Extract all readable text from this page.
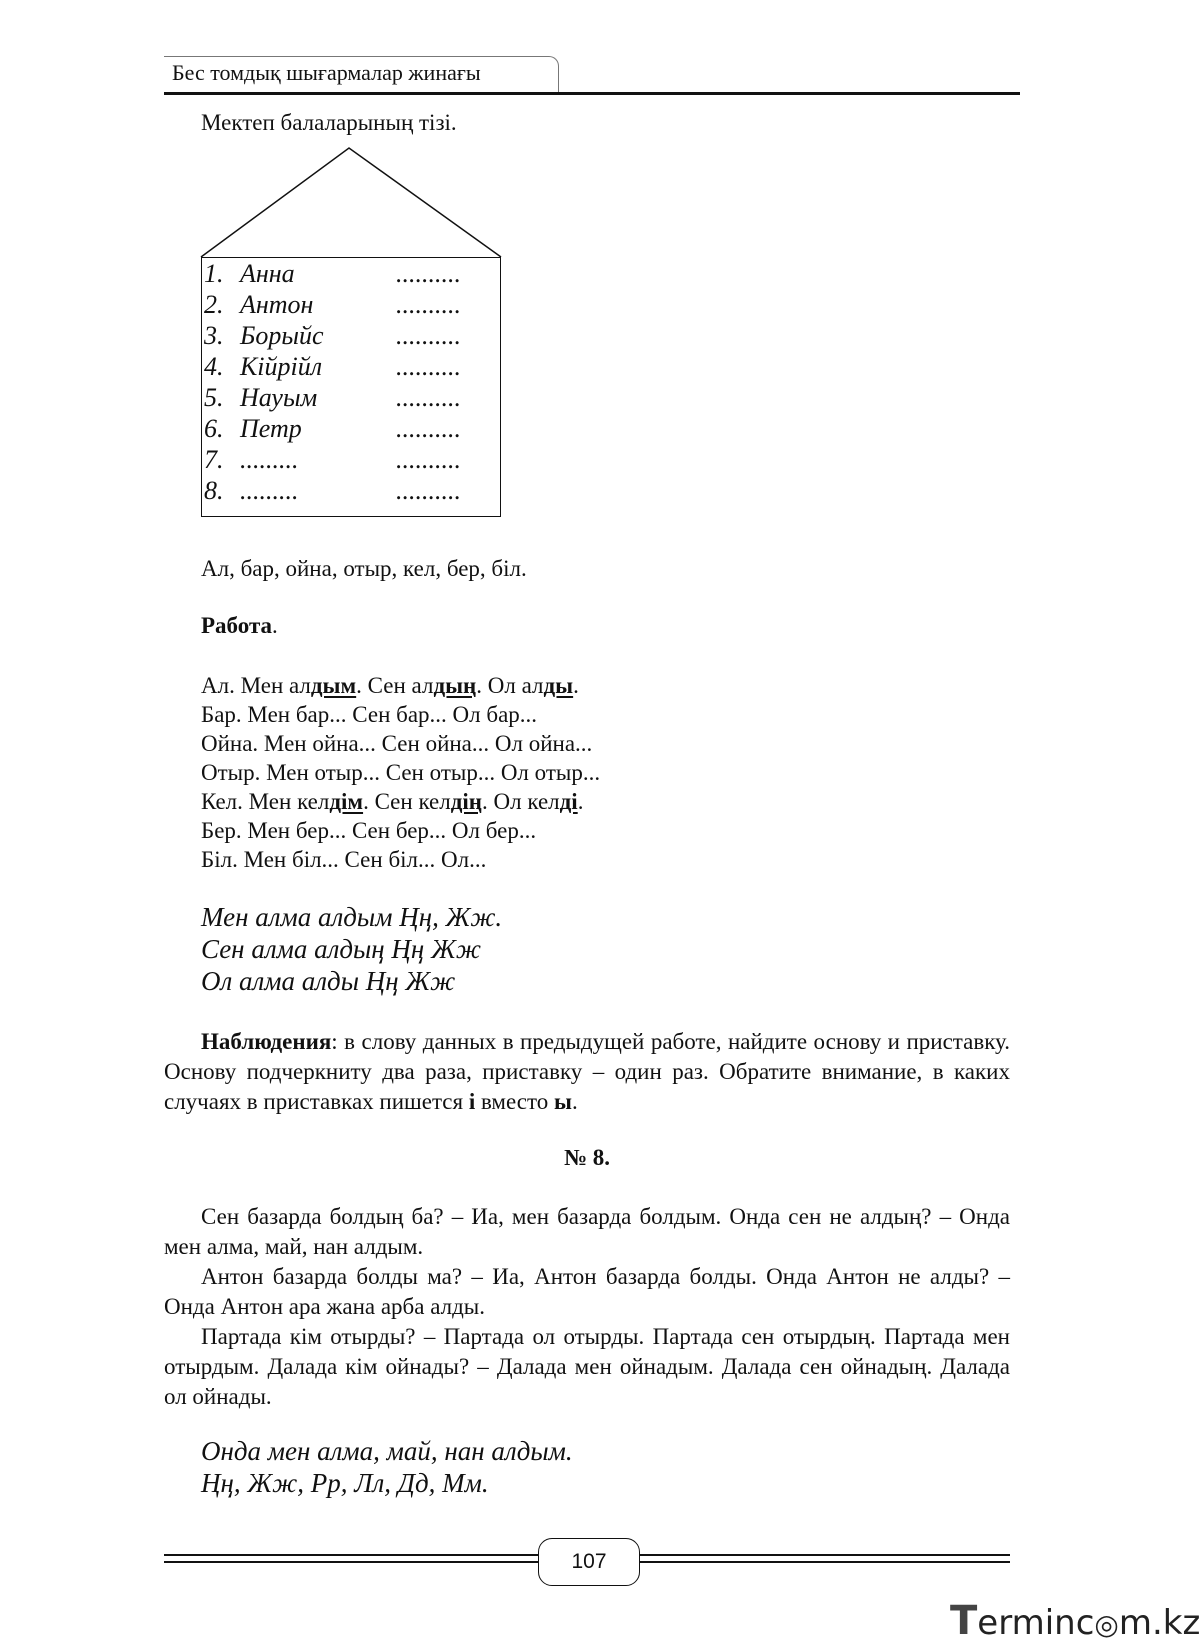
Бес томдық шығармалар жинағы
Мектеп балаларының тізі.
1. Анна	..........
2. Антон	..........
3. Борыйс	..........
4. Кійрійл	..........
5. Науым	..........
6. Петр	..........
7. .........	..........
8. .........	..........
Ал, бар, ойна, отыр, кел, бер, біл.
Работа.
Ал. Мен алдым. Сен алдың. Ол алды.
Бар. Мен бар... Сен бар... Ол бар...
Ойна. Мен ойна... Сен ойна... Ол ойна...
Отыр. Мен отыр... Сен отыр... Ол отыр...
Кел. Мен келдім. Сен келдің. Ол келді.
Бер. Мен бер... Сен бер... Ол бер...
Біл. Мен біл... Сен біл... Ол...
Мен алма алдым Ңң, Жж.
Сен алма алдың Ңң Жж
Ол алма алды Ңң Жж
Наблюдения: в слову данных в предыдущей работе, найдите основу и приставку. Основу подчеркниту два раза, приставку – один раз. Обратите внимание, в каких случаях в приставках пишется і вместо ы.
№ 8.
Сен базарда болдың ба? – Иа, мен базарда болдым. Онда сен не алдың? – Онда мен алма, май, нан алдым.
Антон базарда болды ма? – Иа, Антон базарда болды. Онда Антон не алды? – Онда Антон ара жана арба алды.
Партада кім отырды? – Партада ол отырды. Партада сен отырдың. Партада мен отырдым. Далада кім ойнады? – Далада мен ойнадым. Далада сен ойнадың. Далада ол ойнады.
Онда мен алма, май, нан алдым.
Ңң, Жж, Рр, Лл, Дд, Мм.
107
Terminc◎m.kz
